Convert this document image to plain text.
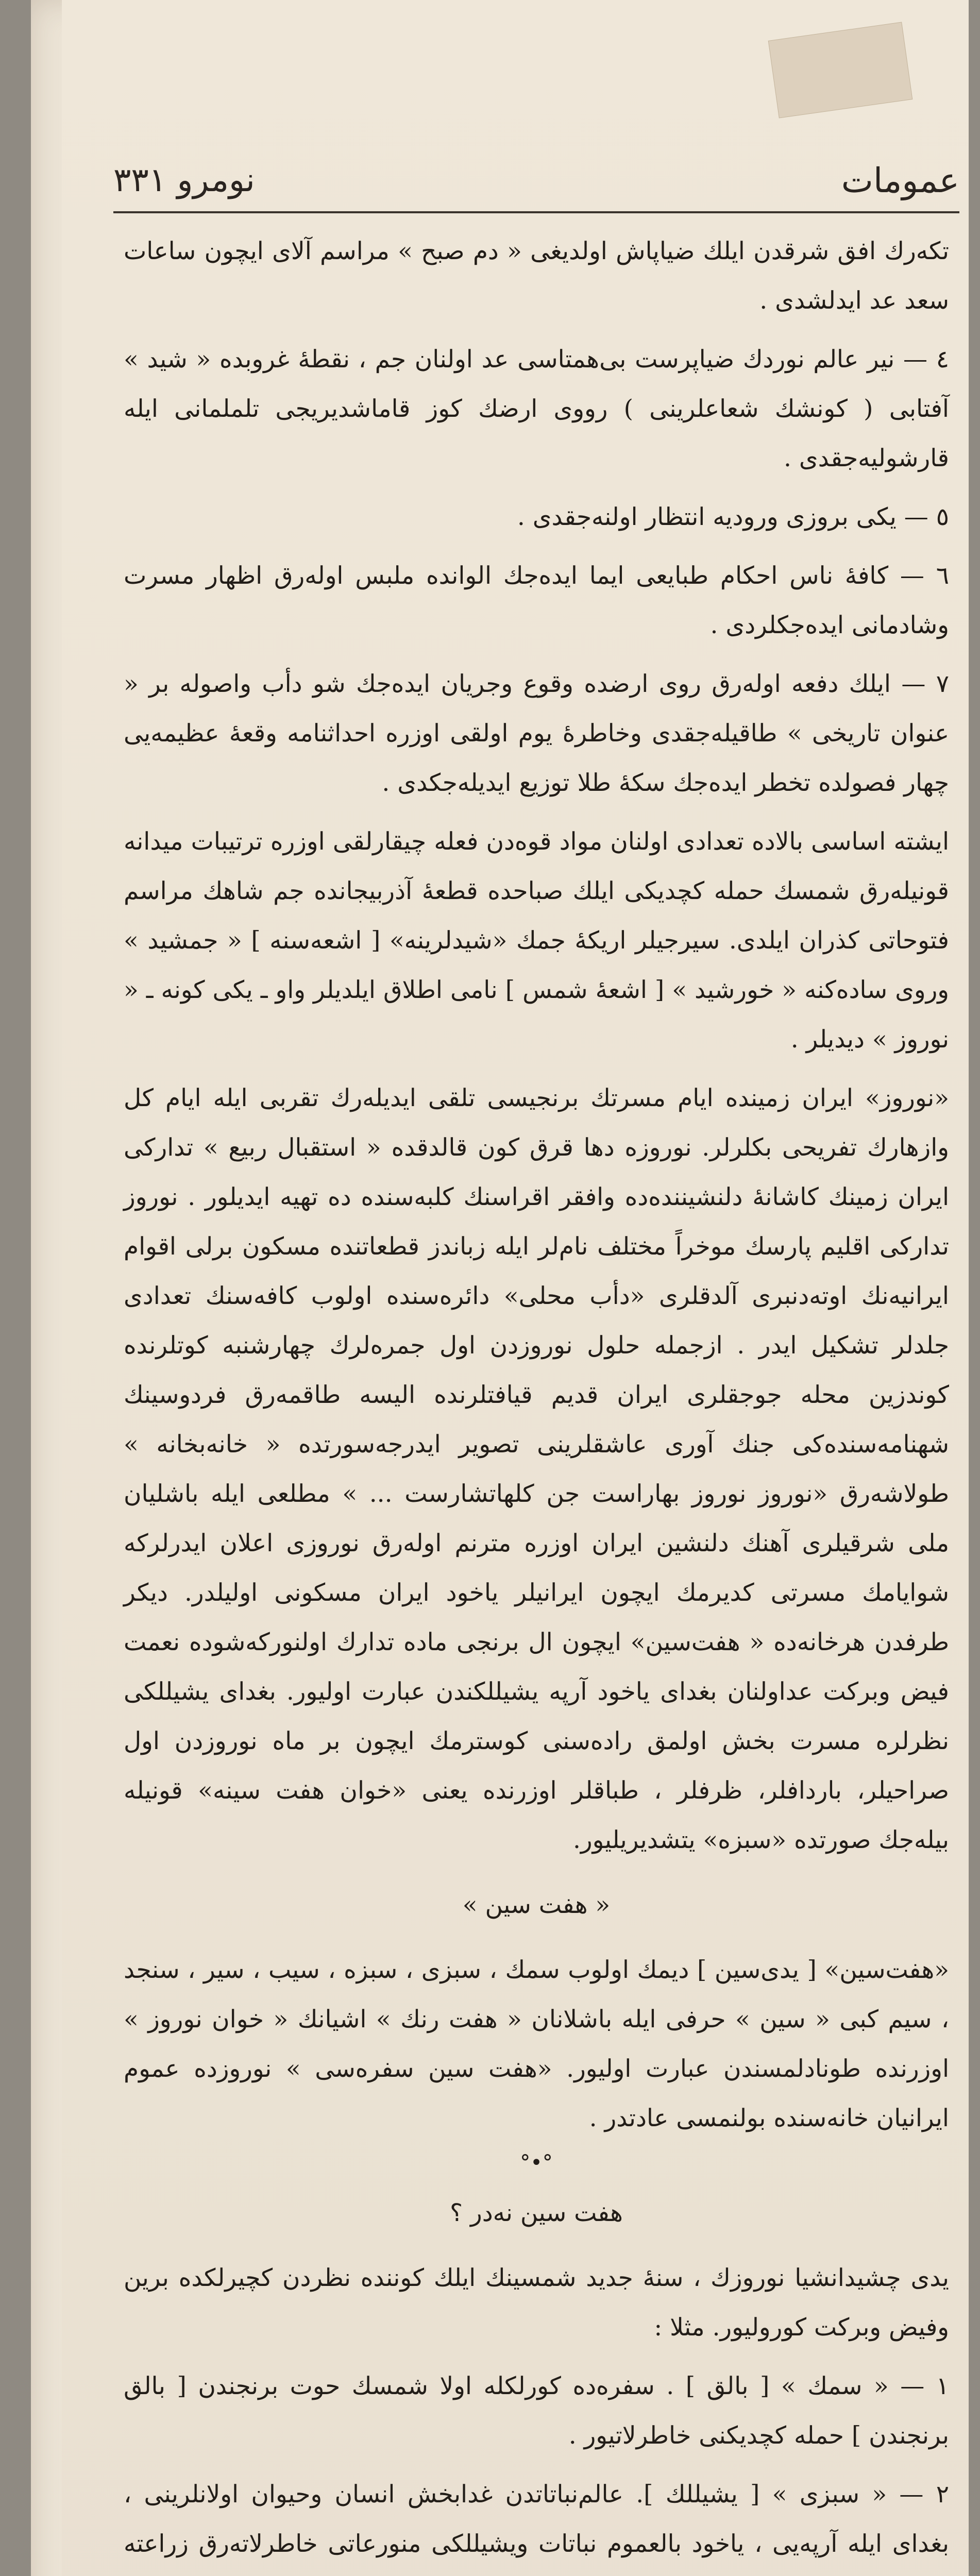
عمومات
نومرو ٣٣١

تکه‌رك افق شرقدن ایلك ضیاپاش اولدیغی « دم صبح » مراسم آلای ایچون ساعات سعد عد ایدلشدی .

٤ — نیر عالم نوردك ضیاپرست بی‌همتاسی عد اولنان جم ، نقطهٔ غروبده « شید » آفتابی ( کونشك شعاعلرینی ) رووی ارضك کوز قاماشدیریجی تلملمانی ایله قارشولیه‌جقدی .

٥ — یکی بروزی وروديه انتظار اولنه‌جقدی .

٦ — کافهٔ ناس احکام طبایعی ایما ایده‌جك الوانده ملبس اوله‌رق اظهار مسرت وشادمانی ایده‌جکلردی .

٧ — ایلك دفعه اوله‌رق روی ارضده وقوع وجریان ایده‌جك شو دأب واصوله بر « عنوان تاریخی » طاقیله‌جقدی وخاطرهٔ یوم اولقی اوزره احداثنامه وقعهٔ عظیمه‌یی چهار فصولده تخطر ایده‌جك سکهٔ طلا توزیع ایدیله‌جکدی .

ایشته اساسی بالاده تعدادی اولنان مواد قوه‌دن فعله چیقارلقی اوزره ترتیبات میدانه قونیله‌رق شمسك حمله کچدیکی ایلك صباحده قطعهٔ آذربیجانده جم شاهك مراسم فتوحاتی کذران ایلدی. سیرجیلر اریکهٔ جمك «شیدلرینه» [ اشعه‌سنه ] « جمشید » وروی ساده‌کنه « خورشید » [ اشعهٔ شمس ] نامی اطلاق ایلدیلر واو ـ یکی کونه ـ « نوروز » دیدیلر .

«نوروز» ایران زمینده ایام مسرتك برنجیسی تلقی ایدیله‌رك تقربی ایله ایام کل وازهارك تفریحی بکلرلر. نوروزه دها قرق کون قالدقده « استقبال ربیع » تدارکی ایران زمینك کاشانهٔ دلنشیننده‌ده وافقر اقراسنك کلبه‌سنده ده تهیه ایدیلور . نوروز تدارکی اقلیم پارسك موخراً مختلف نام‌لر ایله زباندز قطعاتنده مسکون برلی اقوام ایرانیه‌نك اوته‌دنبری آلدقلری «دأب محلی» دائره‌سنده اولوب کافه‌سنك تعدادی جلدلر تشکیل ایدر . ازجمله حلول نوروزدن اول جمره‌لرك چهارشنبه کوتلرنده کوندزین محله جوجقلری ایران قدیم قیافتلرنده الیسه طاقمه‌رق فردوسینك شهنامه‌سنده‌کی جنك آوری عاشقلرینی تصویر ایدرجه‌سورتده « خانه‌بخانه » طولاشه‌رق «نوروز نوروز بهاراست جن کلهاتشارست ... » مطلعی ایله باشلیان ملی شرقیلری آهنك دلنشین ایران اوزره مترنم اوله‌رق نوروزی اعلان ایدرلرکه شوایامك مسرتی کدیرمك ایچون ایرانیلر یاخود ایران مسکونی اولیلدر. دیکر طرفدن هرخانه‌ده « هفت‌سین» ایچون ال برنجی ماده تدارك اولنورکه‌شوده نعمت فیض وبرکت عداولنان بغدای یاخود آرپه یشیللکندن عبارت اولیور. بغدای یشیللکی نظرلره مسرت بخش اولمق راده‌سنی کوسترمك ایچون بر ماه نوروزدن اول صراحیلر، باردافلر، ظرفلر ، طباقلر اوزرنده یعنی «خوان هفت سینه» قونیله بیله‌جك صورتده «سبزه» یتشدیریلیور.

« هفت سین »

«هفت‌سین» [ یدی‌سین ] دیمك اولوب سمك ، سبزی ، سبزه ، سیب ، سیر ، سنجد ، سیم کبی « سین » حرفی ایله باشلانان « هفت رنك » اشیانك « خوان نوروز » اوزرنده طونادلمسندن عبارت اولیور. «هفت سین سفره‌سی » نوروزده عموم ایرانیان خانه‌سنده بولنمسی عادتدر .

°•°

هفت سین نه‌در ؟

یدی چشیدانشیا نوروزك ، سنهٔ جدید شمسینك ایلك کوننده نظردن کچیرلکده برین وفیض وبرکت کوروليور. مثلا :

١ — « سمك » [ بالق ] . سفره‌ده کورلکله اولا شمسك حوت برنجندن [ بالق برنجندن ] حمله کچدیکنی خاطرلاتیور .

٢ — « سبزی » [ یشیللك ]. عالم‌نباتاتدن غدابخش انسان وحیوان اولانلرینی ، بغدای ایله آرپه‌یی ، یاخود بالعموم نباتات ویشیللکی منورعاتی خاطرلاته‌رق زراعته
